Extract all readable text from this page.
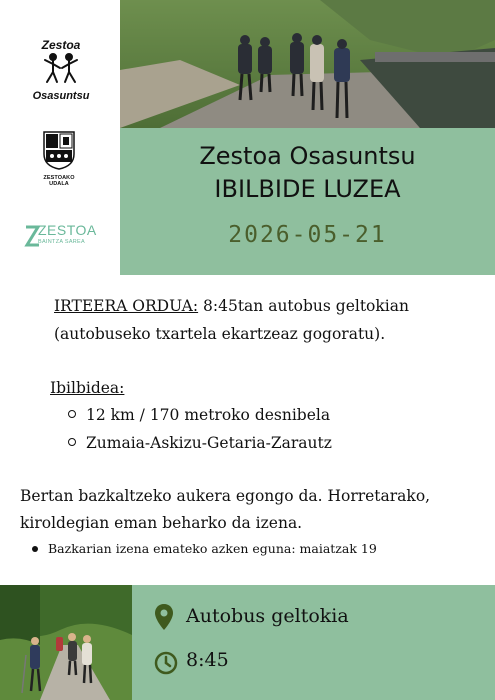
Zestoa
Osasuntsu
ZESTOAKO UDALA
ZESTOA
BAINTZA SAREA
Zestoa Osasuntsu
IBILBIDE LUZEA
2026-05-21
IRTEERA ORDUA: 8:45tan autobus geltokian
(autobuseko txartela ekartzeaz gogoratu).
Ibilbidea:
12 km / 170 metroko desnibela
Zumaia-Askizu-Getaria-Zarautz
Bertan bazkaltzeko aukera egongo da. Horretarako,
kiroldegian eman beharko da izena.
Bazkarian izena emateko azken eguna: maiatzak 19
Autobus geltokia
8:45
